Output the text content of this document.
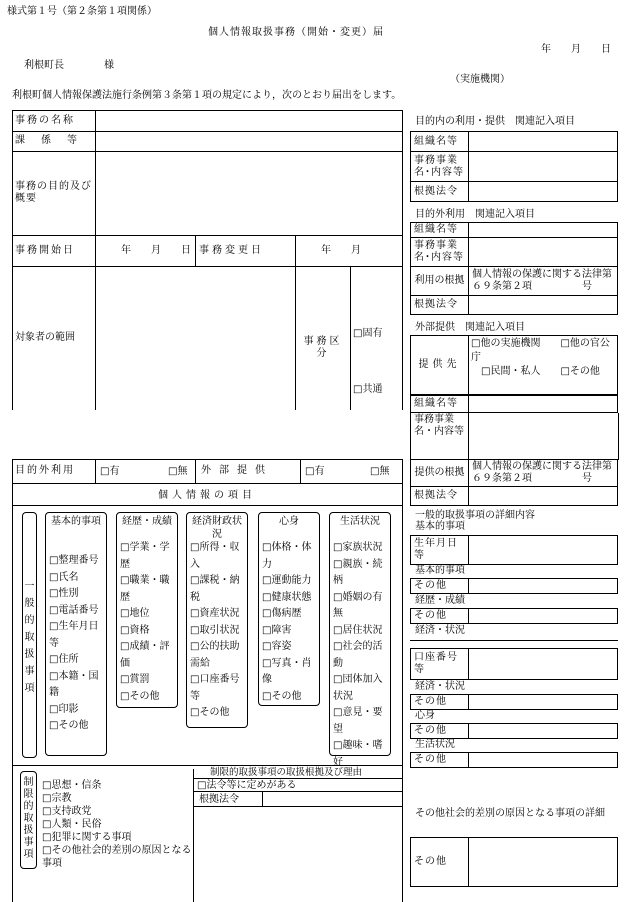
様式第１号（第２条第１項関係）
個人情報取扱事務（開始・変更）届
年　　月　　日
利根町長　　　　様
（実施機関）
利根町個人情報保護法施行条例第３条第１項の規定により，次のとおり届出をします。
事務の名称
課　係　等
事務の目的及び概要
事務開始日	年　　月　　日 事務変更日	年　　月
対象者の範囲	事務区分
□固有
□共通
目的外利用	□有	□無	外部提供	□有	□無
個人情報の項目
一般的取扱事項
基本的事項
□整理番号
□氏名
□性別
□電話番号
□生年月日等
□住所
□本籍・国籍
□印影
□その他
経歴・成績
□学業・学歴
□職業・職歴
□地位
□資格
□成績・評価
□賞罰
□その他
経済財政状況
□所得・収入
□課税・納税
□資産状況
□取引状況
□公的扶助需給
□口座番号等
□その他
心身
□体格・体力
□運動能力
□健康状態
□傷病歴
□障害
□容姿
□写真・肖像
□その他
生活状況
□家族状況
□親族・続柄
□婚姻の有無
□居住状況
□社会的活動
□団体加入状況
□意見・要望
□趣味・嗜好
制限的取扱事項
□思想・信条
□宗教
□支持政党
□人類・民俗
□犯罪に関する事項
□その他社会的差別の原因となる事項
制限的取扱事項の取扱根拠及び理由
□法令等に定めがある
根拠法令
目的内の利用・提供　関連記入項目
目的外利用　関連記入項目
外部提供　関連記入項目
一般的取扱事項の詳細内容
その他社会的差別の原因となる事項の詳細
組織名等
事務事業名･内容等
根拠法令
組織名等
事務事業名･内容等
利用の根拠
個人情報の保護に関する法律第６９条第２項　　　　　号
根拠法令
提供先
□他の実施機関　　□他の官公庁
　□民間・私人　　□その他
組織名等
事務事業名・内容等
提供の根拠
個人情報の保護に関する法律第６９条第２項　　　　　号
根拠法令
基本的事項
生年月日等
基本的事項
その他
経歴・成績
その他
経済・状況
口座番号等
経済・状況
その他
心身
その他
生活状況
その他
その他
